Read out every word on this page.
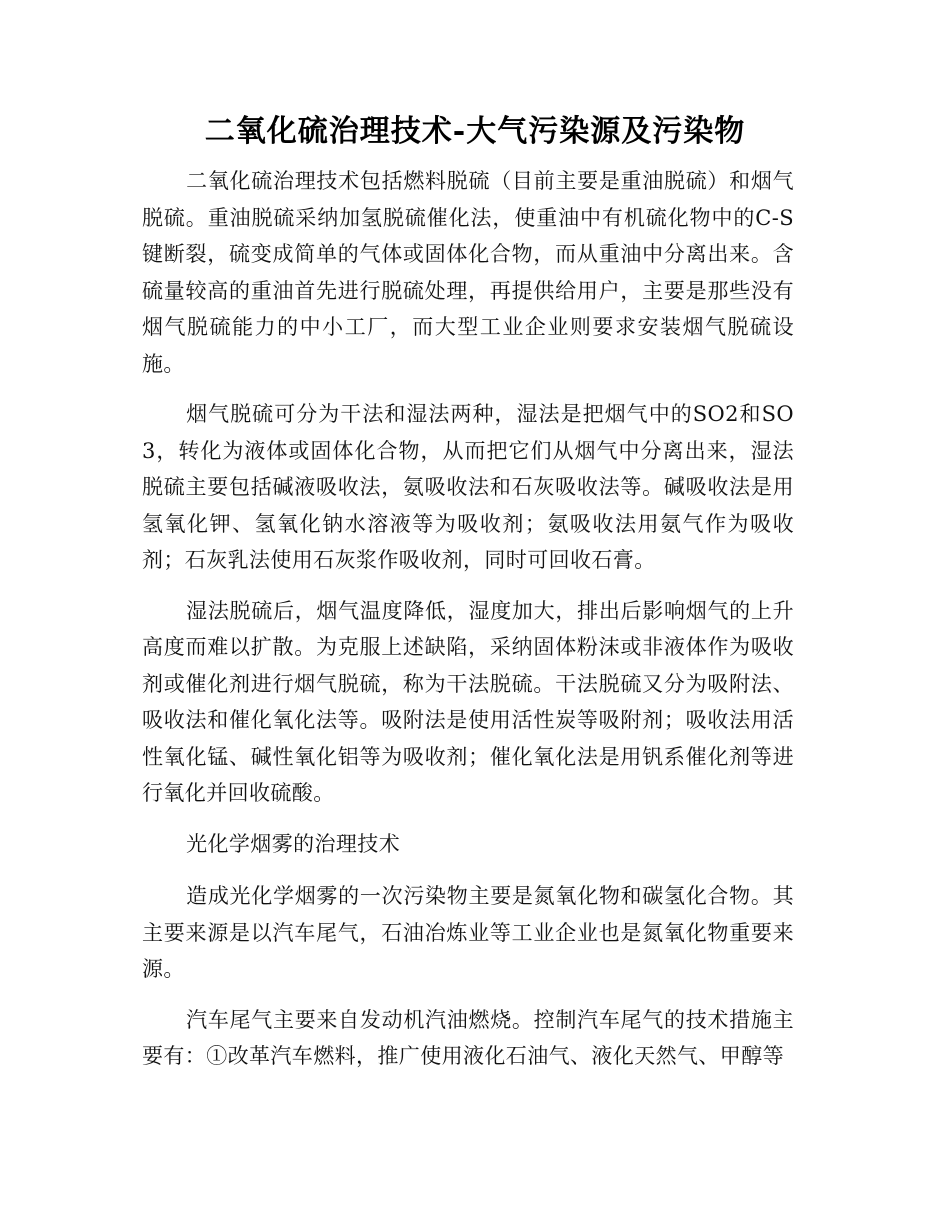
二氧化硫治理技术-大气污染源及污染物

二氧化硫治理技术包括燃料脱硫（目前主要是重油脱硫）和烟气脱硫。重油脱硫采纳加氢脱硫催化法，使重油中有机硫化物中的C-S键断裂，硫变成简单的气体或固体化合物，而从重油中分离出来。含硫量较高的重油首先进行脱硫处理，再提供给用户，主要是那些没有烟气脱硫能力的中小工厂，而大型工业企业则要求安装烟气脱硫设施。

烟气脱硫可分为干法和湿法两种，湿法是把烟气中的SO2和SO3，转化为液体或固体化合物，从而把它们从烟气中分离出来，湿法脱硫主要包括碱液吸收法，氨吸收法和石灰吸收法等。碱吸收法是用氢氧化钾、氢氧化钠水溶液等为吸收剂；氨吸收法用氨气作为吸收剂；石灰乳法使用石灰浆作吸收剂，同时可回收石膏。

湿法脱硫后，烟气温度降低，湿度加大，排出后影响烟气的上升高度而难以扩散。为克服上述缺陷，采纳固体粉沫或非液体作为吸收剂或催化剂进行烟气脱硫，称为干法脱硫。干法脱硫又分为吸附法、吸收法和催化氧化法等。吸附法是使用活性炭等吸附剂；吸收法用活性氧化锰、碱性氧化铝等为吸收剂；催化氧化法是用钒系催化剂等进行氧化并回收硫酸。

光化学烟雾的治理技术

造成光化学烟雾的一次污染物主要是氮氧化物和碳氢化合物。其主要来源是以汽车尾气，石油冶炼业等工业企业也是氮氧化物重要来源。

汽车尾气主要来自发动机汽油燃烧。控制汽车尾气的技术措施主要有：①改革汽车燃料，推广使用液化石油气、液化天然气、甲醇等
